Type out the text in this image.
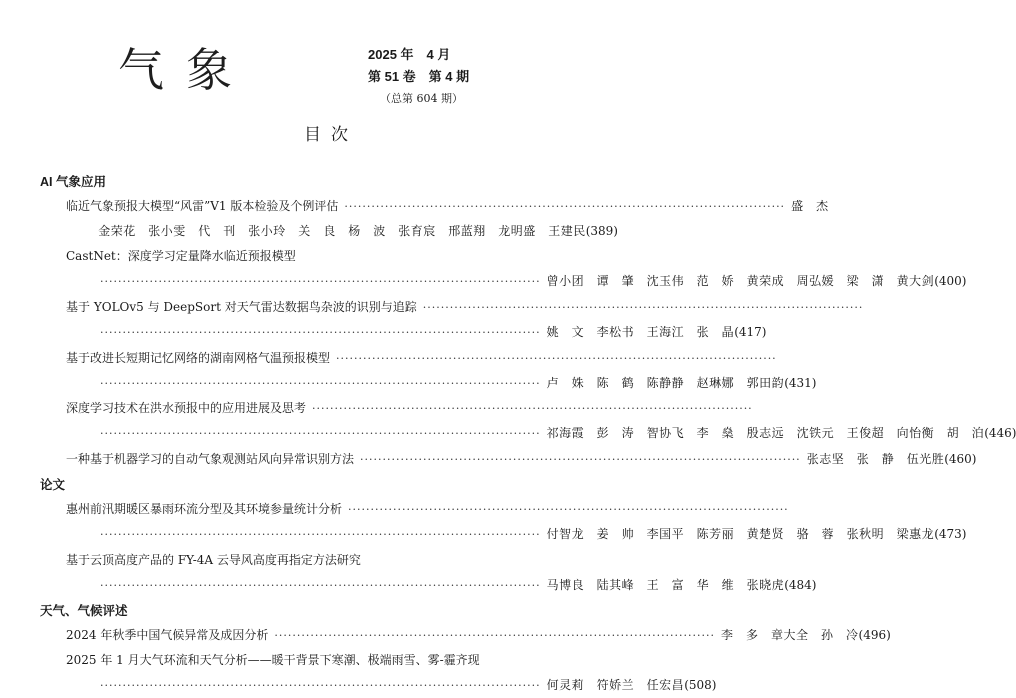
气象	2025 年　4 月
第 51 卷　第 4 期
（总第 604 期）
目次
AI 气象应用
临近气象预报大模型“风雷”V1 版本检验及个例评估 ·································································································· 盛　杰
金荣花　张小雯　代　刊　张小玲　关　良　杨　波　张育宸　邢蓝翔　龙明盛　王建民 (389)
CastNet：深度学习定量降水临近预报模型
·································································································· 曾小团　谭　肇　沈玉伟　范　娇　黄荣成　周弘媛　梁　潇　黄大剑 (400)
基于 YOLOv5 与 DeepSort 对天气雷达数据鸟杂波的识别与追踪 ··································································································
·································································································· 姚　文　李松书　王海江　张　晶 (417)
基于改进长短期记忆网络的湖南网格气温预报模型 ··································································································
·································································································· 卢　姝　陈　鹤　陈静静　赵琳娜　郭田韵 (431)
深度学习技术在洪水预报中的应用进展及思考 ··································································································
·································································································· 祁海霞　彭　涛　智协飞　李　燊　殷志远　沈铁元　王俊超　向怡衡　胡　泊 (446)
一种基于机器学习的自动气象观测站风向异常识别方法 ·································································································· 张志坚　张　静　伍光胜 (460)
论文
惠州前汛期暖区暴雨环流分型及其环境参量统计分析 ··································································································
·································································································· 付智龙　姜　帅　李国平　陈芳丽　黄楚贤　骆　蓉　张秋明　梁惠龙 (473)
基于云顶高度产品的 FY-4A 云导风高度再指定方法研究
·································································································· 马博良　陆其峰　王　富　华　维　张晓虎 (484)
天气、气候评述
2024 年秋季中国气候异常及成因分析 ·································································································· 李　多　章大全　孙　冷 (496)
2025 年 1 月大气环流和天气分析——暖干背景下寒潮、极端雨雪、雾-霾齐现
·································································································· 何灵莉　符娇兰　任宏昌 (508)
